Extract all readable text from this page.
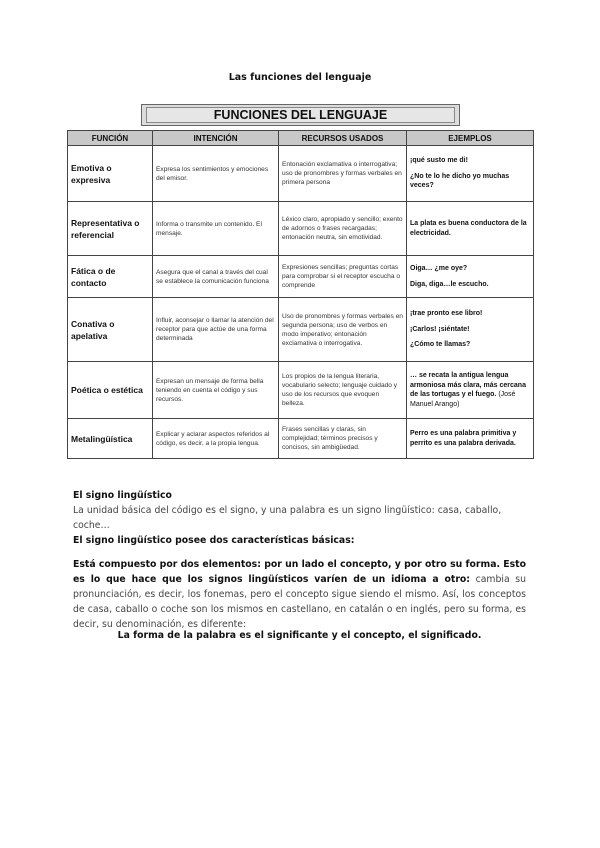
Las funciones del lenguaje
FUNCIONES DEL LENGUAJE
FUNCIÓN	INTENCIÓN	RECURSOS USADOS	EJEMPLOS
Emotiva o expresiva	Expresa los sentimientos y emociones del emisor.	Entonación exclamativa o interrogativa; uso de pronombres y formas verbales en primera persona	¡qué susto me di!
¿No te lo he dicho yo muchas veces?

Representativa o referencial	Informa o transmite un contenido. El mensaje.	Léxico claro, apropiado y sencillo; exento de adornos o frases recargadas; entonación neutra, sin emotividad.	La plata es buena conductora de la electricidad.

Fática o de contacto	Asegura que el canal a través del cual se establece la comunicación funciona	Expresiones sencillas; preguntas cortas para comprobar si el receptor escucha o comprende	Oiga… ¿me oye?
Diga, diga…le escucho.

Conativa o apelativa	Influir, aconsejar o llamar la atención del receptor para que actúe de una forma determinada	Uso de pronombres y formas verbales en segunda persona; uso de verbos en modo imperativo; entonación exclamativa o interrogativa.	¡trae pronto ese libro!
¡Carlos! ¡siéntate!
¿Cómo te llamas?

Poética o estética	Expresan un mensaje de forma bella teniendo en cuenta el código y sus recursos.	Los propios de la lengua literaria, vocabulario selecto; lenguaje cuidado y uso de los recursos que evoquen belleza.	… se recata la antigua lengua armoniosa más clara, más cercana de las tortugas y el fuego. (José Manuel Arango)
Metalingüística	Explicar y aclarar aspectos referidos al código, es decir, a la propia lengua.	Frases sencillas y claras, sin complejidad; términos precisos y concisos, sin ambigüedad.	Perro es una palabra primitiva y perrito es una palabra derivada.
El signo lingüístico
La unidad básica del código es el signo, y una palabra es un signo lingüístico: casa, caballo, coche…
El signo lingüístico posee dos características básicas:
Está compuesto por dos elementos: por un lado el concepto, y por otro su forma. Esto es lo que hace que los signos lingüísticos varíen de un idioma a otro: cambia su pronunciación, es decir, los fonemas, pero el concepto sigue siendo el mismo. Así, los conceptos de casa, caballo o coche son los mismos en castellano, en catalán o en inglés, pero su forma, es decir, su denominación, es diferente:
La forma de la palabra es el significante y el concepto, el significado.
